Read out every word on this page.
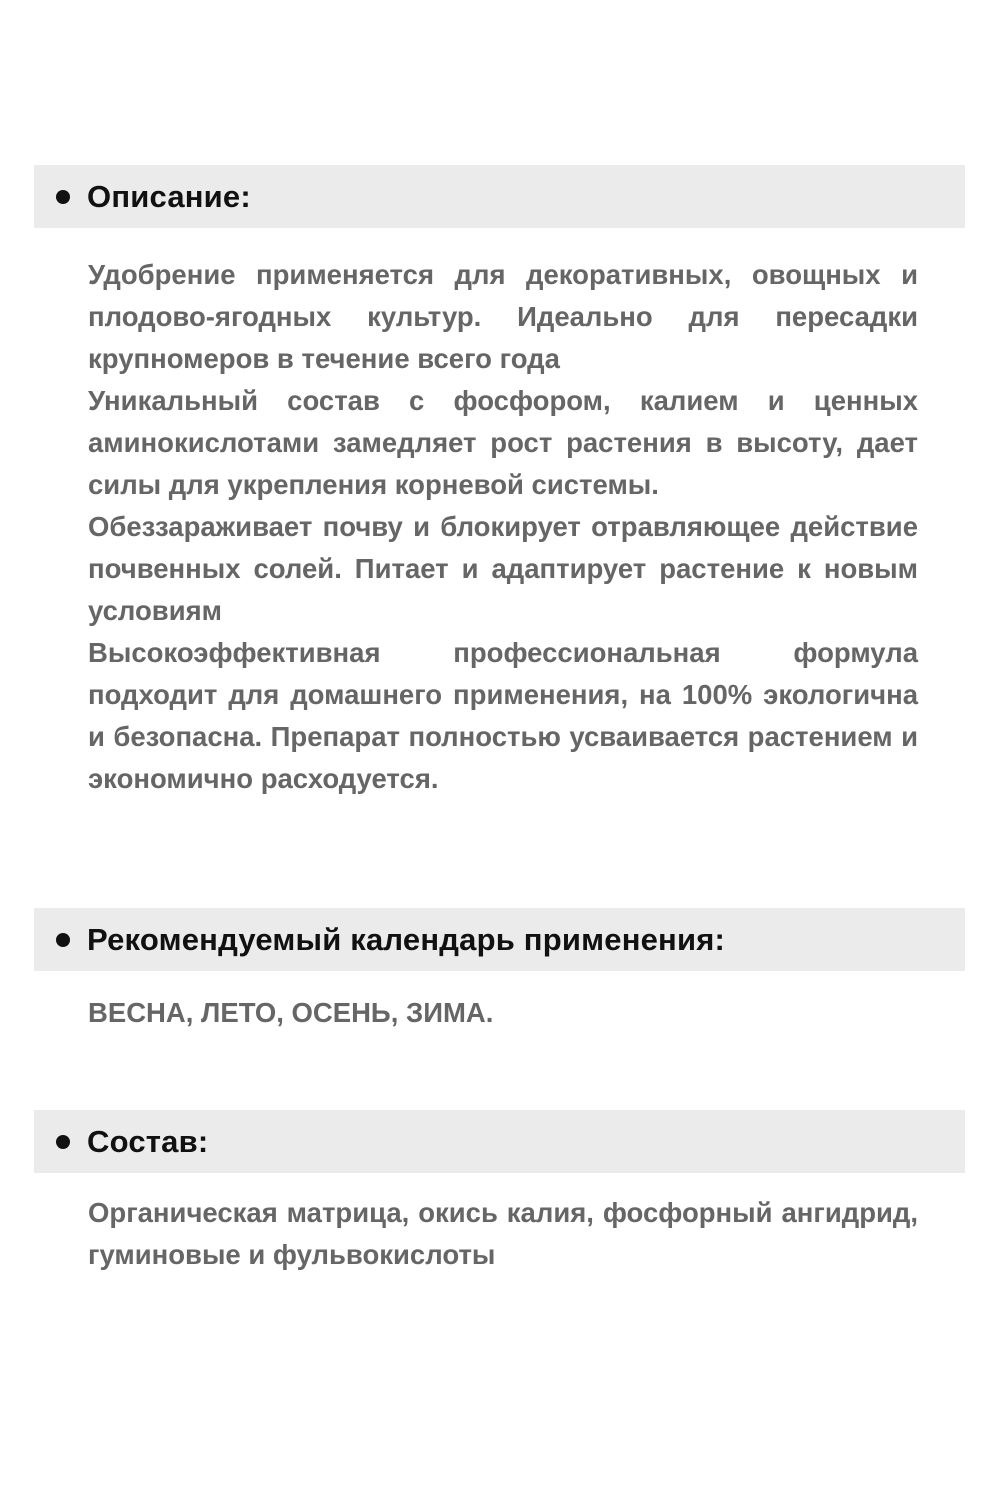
Описание:

Удобрение применяется для декоративных, овощных и плодово-ягодных культур. Идеально для пересадки крупномеров в течение всего года

Уникальный состав с фосфором, калием и ценных аминокислотами замедляет рост растения в высоту, дает силы для укрепления корневой системы.

Обеззараживает почву и блокирует отравляющее действие почвенных солей. Питает и адаптирует растение к новым условиям

Высокоэффективная профессиональная формула подходит для домашнего применения, на 100% экологична и безопасна. Препарат полностью усваивается растением и экономично расходуется.

Рекомендуемый календарь применения:

ВЕСНА, ЛЕТО, ОСЕНЬ, ЗИМА.

Состав:

Органическая матрица, окись калия, фосфорный ангидрид, гуминовые и фульвокислоты
